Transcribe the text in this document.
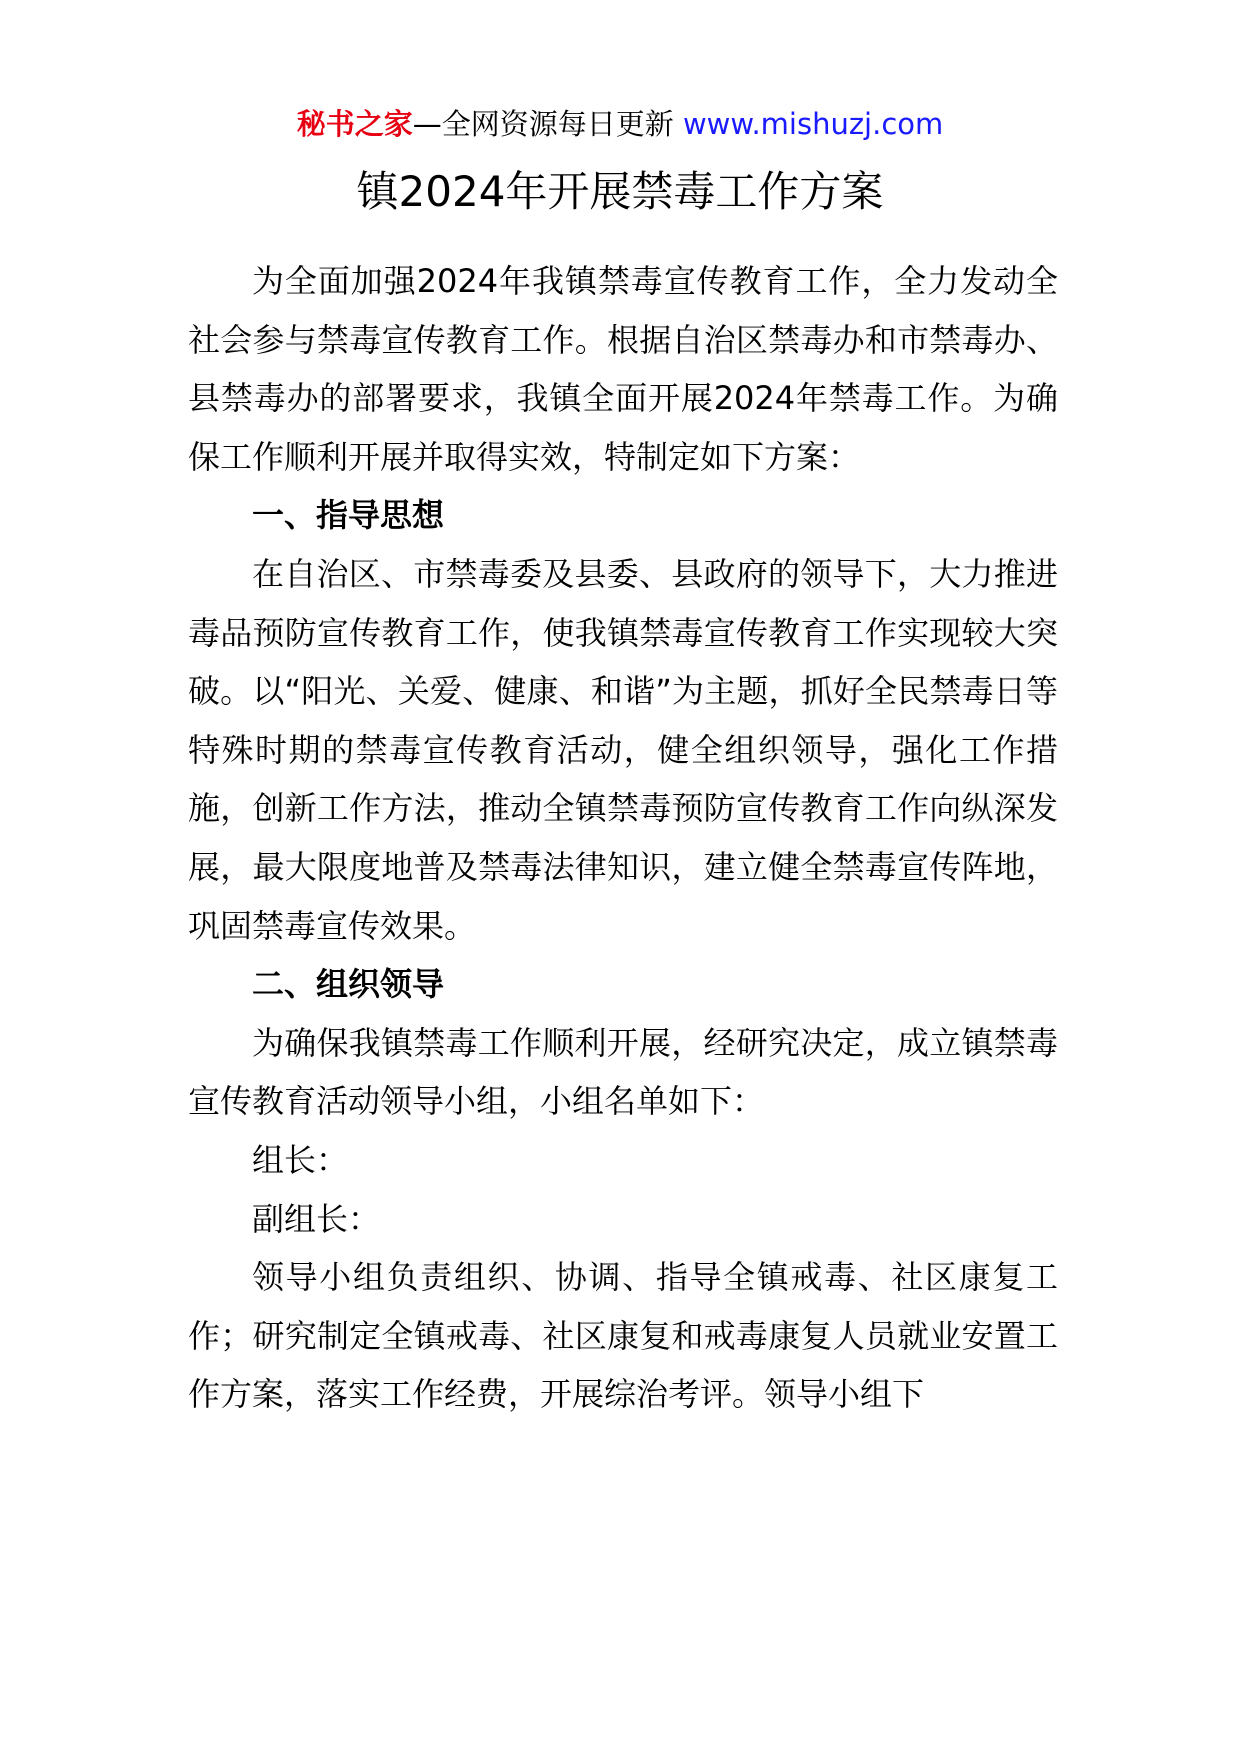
秘书之家—全网资源每日更新 www.mishuzj.com
镇2024年开展禁毒工作方案

为全面加强2024年我镇禁毒宣传教育工作，全力发动全社会参与禁毒宣传教育工作。根据自治区禁毒办和市禁毒办、县禁毒办的部署要求，我镇全面开展2024年禁毒工作。为确保工作顺利开展并取得实效，特制定如下方案：

一、指导思想

在自治区、市禁毒委及县委、县政府的领导下，大力推进毒品预防宣传教育工作，使我镇禁毒宣传教育工作实现较大突破。以“阳光、关爱、健康、和谐”为主题，抓好全民禁毒日等特殊时期的禁毒宣传教育活动，健全组织领导，强化工作措施，创新工作方法，推动全镇禁毒预防宣传教育工作向纵深发展，最大限度地普及禁毒法律知识，建立健全禁毒宣传阵地，巩固禁毒宣传效果。

二、组织领导

为确保我镇禁毒工作顺利开展，经研究决定，成立镇禁毒宣传教育活动领导小组，小组名单如下：

组长：

副组长：

领导小组负责组织、协调、指导全镇戒毒、社区康复工作；研究制定全镇戒毒、社区康复和戒毒康复人员就业安置工作方案，落实工作经费，开展综治考评。领导小组下
